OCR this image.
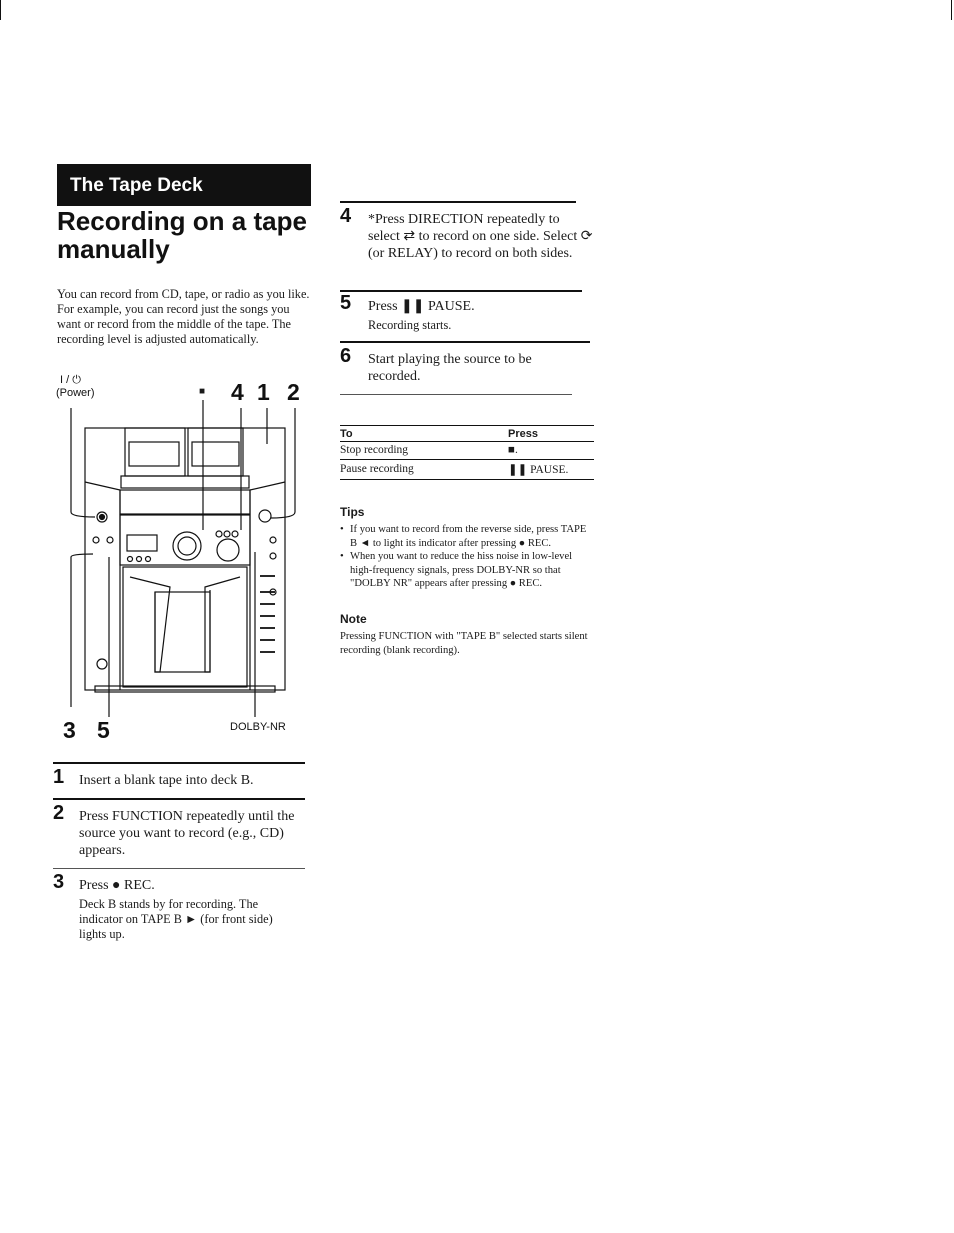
The Tape Deck
Recording on a tape manually
You can record from CD, tape, or radio as you like. For example, you can record just the songs you want or record from the middle of the tape. The recording level is adjusted automatically.
I / ⏻
(Power)	■ 4 1 2
3 5	DOLBY-NR
1 Insert a blank tape into deck B.
2 Press FUNCTION repeatedly until the source you want to record (e.g., CD) appears.
3 Press ● REC.
Deck B stands by for recording. The indicator on TAPE B ► (for front side) lights up.
4 *Press DIRECTION repeatedly to select ⇄ to record on one side. Select ⟳ (or RELAY) to record on both sides.
5 Press ❚❚ PAUSE.
Recording starts.
6 Start playing the source to be recorded.
To	Press
Stop recording	■.
Pause recording	❚❚ PAUSE.
Tips
• If you want to record from the reverse side, press TAPE B ◄ to light its indicator after pressing ● REC.
• When you want to reduce the hiss noise in low-level high-frequency signals, press DOLBY-NR so that "DOLBY NR" appears after pressing ● REC.
Note
Pressing FUNCTION with "TAPE B" selected starts silent recording (blank recording).
